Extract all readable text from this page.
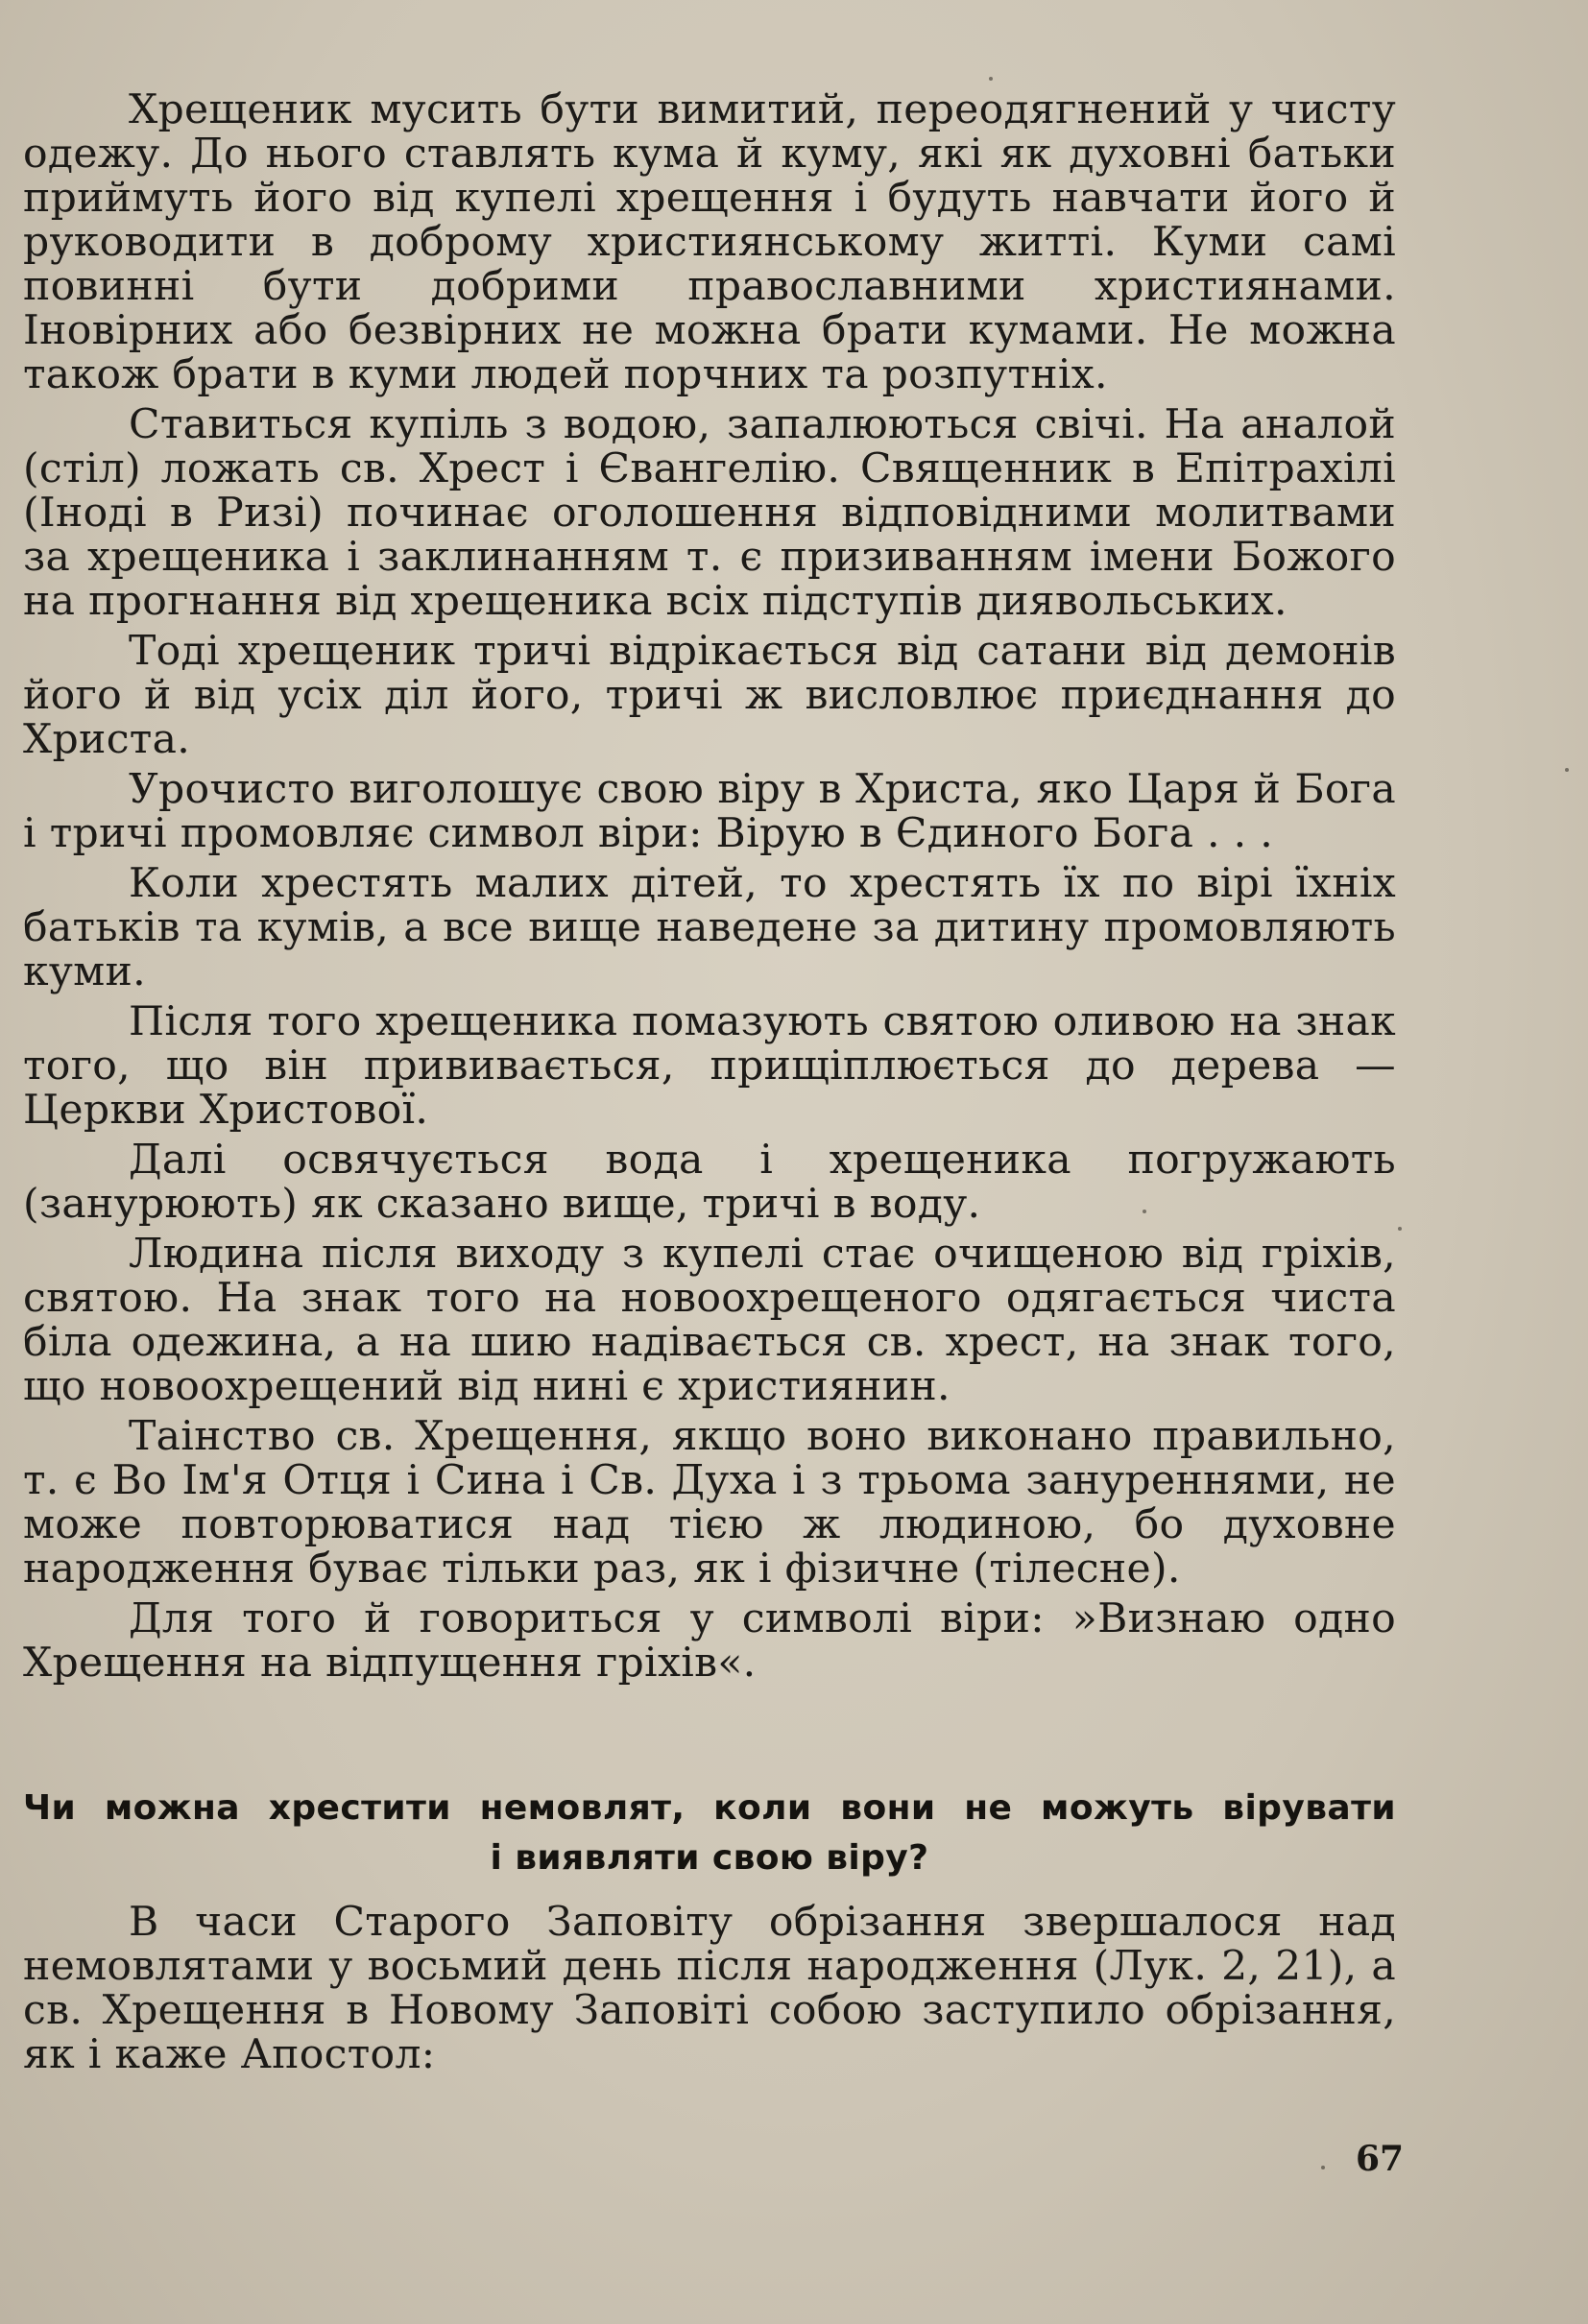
Хрещеник мусить бути вимитий, переодягнений у чисту одежу. До нього ставлять кума й куму, які як духовні батьки приймуть його від купелі хрещення і будуть навчати його й руководити в доброму християнському житті. Куми самі повинні бути добрими православними християнами. Іновірних або безвірних не можна брати кумами. Не можна також брати в куми людей порчних та розпутніх.

Ставиться купіль з водою, запалюються свічі. На аналой (стіл) ложать св. Хрест і Євангелію. Священник в Епітрахілі (Іноді в Ризі) починає оголошення відповідними молитвами за хрещеника і заклинанням т. є призиванням імени Божого на прогнання від хрещеника всіх підступів диявольських.

Тоді хрещеник тричі відрікається від сатани від демонів його й від усіх діл його, тричі ж висловлює приєднання до Христа.

Урочисто виголошує свою віру в Христа, яко Царя й Бога і тричі промовляє символ віри: Вірую в Єдиного Бога . . .

Коли хрестять малих дітей, то хрестять їх по вірі їхніх батьків та кумів, а все вище наведене за дитину промовляють куми.

Після того хрещеника помазують святою оливою на знак того, що він прививається, прищіплюється до дерева — Церкви Христової.

Далі освячується вода і хрещеника погружають (занурюють) як сказано вище, тричі в воду.

Людина після виходу з купелі стає очищеною від гріхів, святою. На знак того на новоохрещеного одягається чиста біла одежина, а на шию надівається св. хрест, на знак того, що новоохрещений від нині є християнин.

Таінство св. Хрещення, якщо воно виконано правильно, т. є Во Ім'я Отця і Сина і Св. Духа і з трьома зануреннями, не може повторюватися над тією ж людиною, бо духовне народження буває тільки раз, як і фізичне (тілесне).

Для того й говориться у символі віри: »Визнаю одно Хрещення на відпущення гріхів«.

Чи можна хрестити немовлят, коли вони не можуть вірувати
і виявляти свою віру?

В часи Старого Заповіту обрізання звершалося над немовлятами у восьмий день після народження (Лук. 2, 21), а св. Хрещення в Новому Заповіті собою заступило обрізання, як і каже Апостол:

67
